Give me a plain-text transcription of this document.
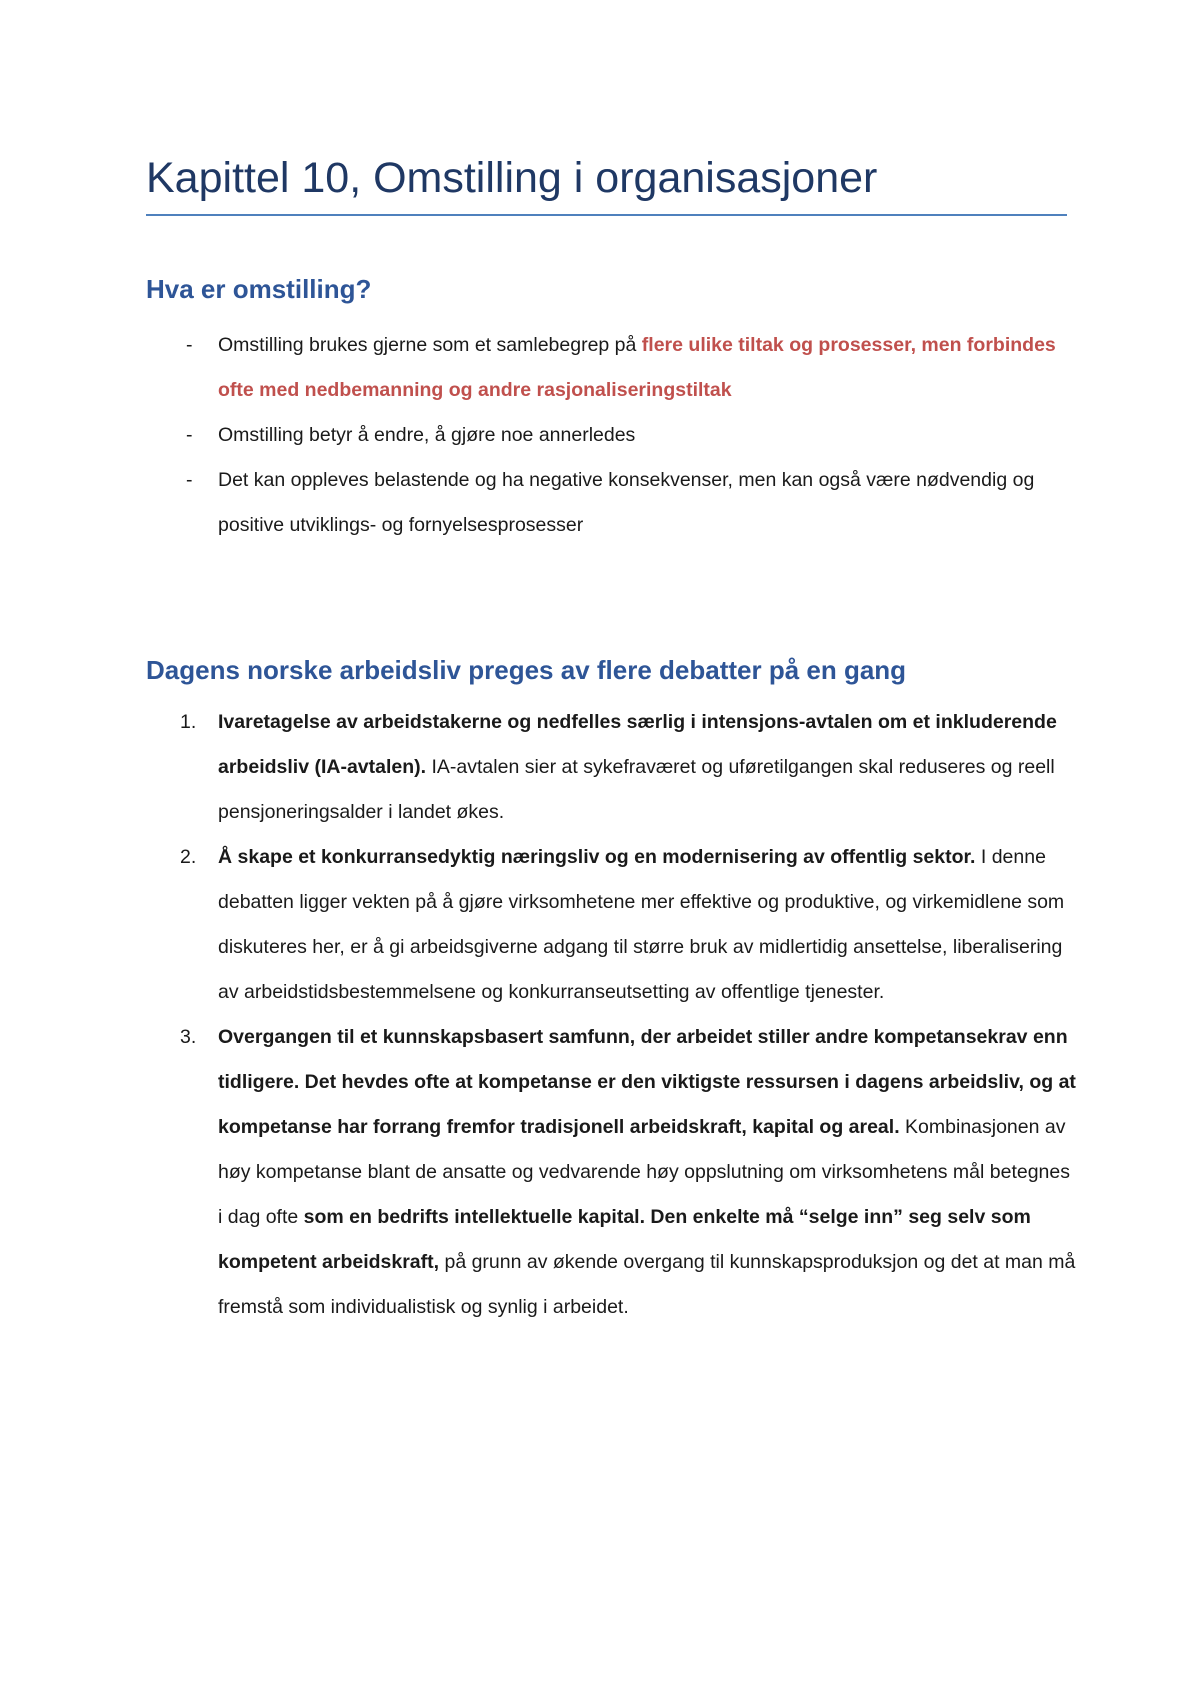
Kapittel 10, Omstilling i organisasjoner
Hva er omstilling?
-	Omstilling brukes gjerne som et samlebegrep på flere ulike tiltak og prosesser, men forbindes ofte med nedbemanning og andre rasjonaliseringstiltak
-	Omstilling betyr å endre, å gjøre noe annerledes
-	Det kan oppleves belastende og ha negative konsekvenser, men kan også være nødvendig og positive utviklings- og fornyelsesprosesser
Dagens norske arbeidsliv preges av flere debatter på en gang
1.	Ivaretagelse av arbeidstakerne og nedfelles særlig i intensjons-avtalen om et inkluderende arbeidsliv (IA-avtalen). IA-avtalen sier at sykefraværet og uføretilgangen skal reduseres og reell pensjoneringsalder i landet økes.
2.	Å skape et konkurransedyktig næringsliv og en modernisering av offentlig sektor. I denne debatten ligger vekten på å gjøre virksomhetene mer effektive og produktive, og virkemidlene som diskuteres her, er å gi arbeidsgiverne adgang til større bruk av midlertidig ansettelse, liberalisering av arbeidstidsbestemmelsene og konkurranseutsetting av offentlige tjenester.
3.	Overgangen til et kunnskapsbasert samfunn, der arbeidet stiller andre kompetansekrav enn tidligere. Det hevdes ofte at kompetanse er den viktigste ressursen i dagens arbeidsliv, og at kompetanse har forrang fremfor tradisjonell arbeidskraft, kapital og areal. Kombinasjonen av høy kompetanse blant de ansatte og vedvarende høy oppslutning om virksomhetens mål betegnes i dag ofte som en bedrifts intellektuelle kapital. Den enkelte må “selge inn” seg selv som kompetent arbeidskraft, på grunn av økende overgang til kunnskapsproduksjon og det at man må fremstå som individualistisk og synlig i arbeidet.
